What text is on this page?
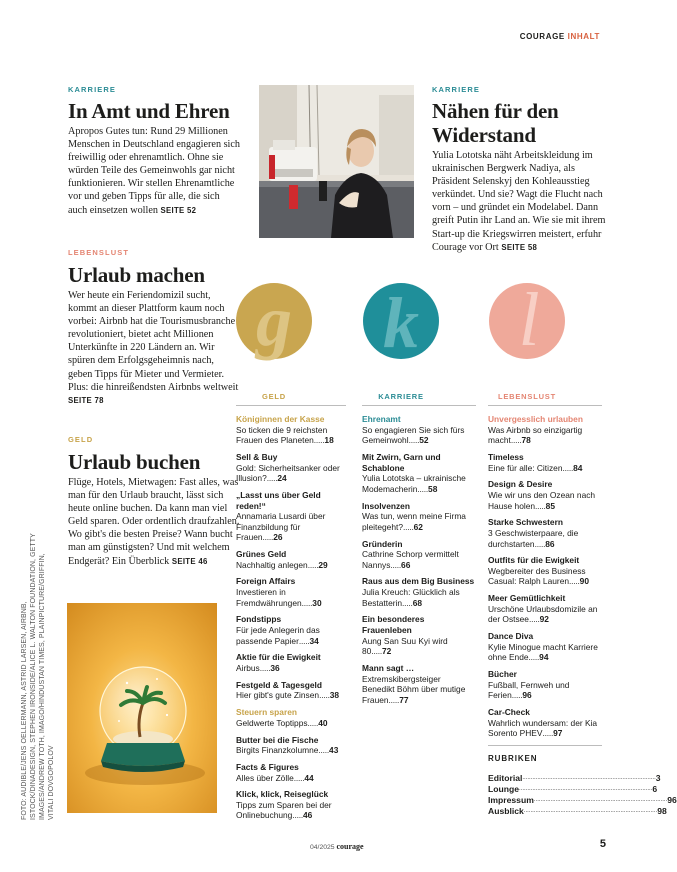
COURAGE INHALT
KARRIERE
In Amt und Ehren
Apropos Gutes tun: Rund 29 Millionen Menschen in Deutschland engagieren sich freiwillig oder ehrenamtlich. Ohne sie würden Teile des Gemeinwohls gar nicht funktionieren. Wir stellen Ehrenamtliche vor und geben Tipps für alle, die sich auch einsetzen wollen SEITE 52
LEBENSLUST
Urlaub machen
Wer heute ein Feriendomizil sucht, kommt an dieser Plattform kaum noch vorbei: Airbnb hat die Tourismusbranche revolutioniert, bietet acht Millionen Unterkünfte in 220 Ländern an. Wir spüren dem Erfolgsgeheimnis nach, geben Tipps für Mieter und Vermieter. Plus: die hinreißendsten Airbnbs weltweit SEITE 78
GELD
Urlaub buchen
Flüge, Hotels, Mietwagen: Fast alles, was man für den Urlaub braucht, lässt sich heute online buchen. Da kann man viel Geld sparen. Oder ordentlich draufzahlen. Wo gibt's die besten Preise? Wann bucht man am günstigsten? Und mit welchem Endgerät? Ein Überblick SEITE 46
KARRIERE
Nähen für den Widerstand
Yulia Lototska näht Arbeitskleidung im ukrainischen Bergwerk Nadiya, als Präsident Selenskyj den Kohleausstieg verkündet. Und sie? Wagt die Flucht nach vorn – und gründet ein Modelabel. Dann greift Putin ihr Land an. Wie sie mit ihrem Start-up die Kriegswirren meistert, erfuhr Courage vor Ort SEITE 58
FOTO: AUDIBLE/JENS OELLERMANN, ASTRID LARSEN, AIRBNB, ISTOCK/DINADESIGN, STEPHEN IRONSIDE/ALICE L. WALTON FOUNDATION, GETTY IMAGES/ANDREW TOTH, IMAGO/HINDUSTAN TIMES, PLAINPICTURE/GRIFFIN, VITALI DOVGOPOLOV
g k l
GELD	KARRIERE	LEBENSLUST
Königinnen der Kasse
So ticken die 9 reichsten Frauen des Planeten.....18
Sell & Buy
Gold: Sicherheitsanker oder Illusion?.....24
„Lasst uns über Geld reden!“
Annamaria Lusardi über Finanzbildung für Frauen.....26
Grünes Geld
Nachhaltig anlegen.....29
Foreign Affairs
Investieren in Fremdwährungen.....30
Fondstipps
Für jede Anlegerin das passende Papier.....34
Aktie für die Ewigkeit
Airbus.....36
Festgeld & Tagesgeld
Hier gibt's gute Zinsen.....38
Steuern sparen
Geldwerte Toptipps.....40
Butter bei die Fische
Birgits Finanzkolumne.....43
Facts & Figures
Alles über Zölle.....44
Klick, klick, Reiseglück
Tipps zum Sparen bei der Onlinebuchung.....46
Ehrenamt
So engagieren Sie sich fürs Gemeinwohl.....52
Mit Zwirn, Garn und Schablone
Yulia Lototska – ukrainische Modemacherin.....58
Insolvenzen
Was tun, wenn meine Firma pleitegeht?.....62
Gründerin
Cathrine Schorp vermittelt Nannys.....66
Raus aus dem Big Business
Julia Kreuch: Glücklich als Bestatterin.....68
Ein besonderes Frauenleben
Aung San Suu Kyi wird 80.....72
Mann sagt …
Extremskibergsteiger Benedikt Böhm über mutige Frauen.....77
Unvergesslich urlauben
Was Airbnb so einzigartig macht.....78
Timeless
Eine für alle: Citizen.....84
Design & Desire
Wie wir uns den Ozean nach Hause holen.....85
Starke Schwestern
3 Geschwisterpaare, die durchstarten.....86
Outfits für die Ewigkeit
Wegbereiter des Business Casual: Ralph Lauren.....90
Meer Gemütlichkeit
Urschöne Urlaubsdomizile an der Ostsee.....92
Dance Diva
Kylie Minogue macht Karriere ohne Ende.....94
Bücher
Fußball, Fernweh und Ferien.....96
Car-Check
Wahrlich wundersam: der Kia Sorento PHEV.....97
RUBRIKEN
Editorial ................................................................................ 3
Lounge ................................................................................ 6
Impressum ................................................................................ 96
Ausblick ................................................................................ 98
04/2025 courage	5
